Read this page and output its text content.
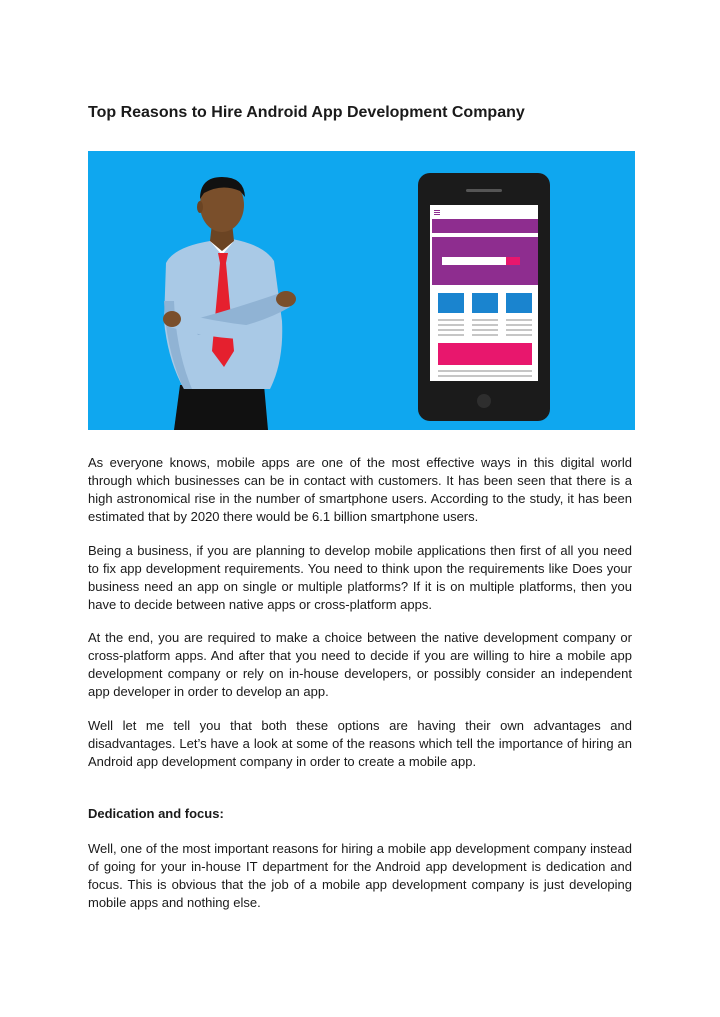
Top Reasons to Hire Android App Development Company

As everyone knows, mobile apps are one of the most effective ways in this digital world through which businesses can be in contact with customers. It has been seen that there is a high astronomical rise in the number of smartphone users. According to the study, it has been estimated that by 2020 there would be 6.1 billion smartphone users.

Being a business, if you are planning to develop mobile applications then first of all you need to fix app development requirements. You need to think upon the requirements like Does your business need an app on single or multiple platforms? If it is on multiple platforms, then you have to decide between native apps or cross-platform apps.

At the end, you are required to make a choice between the native development company or cross-platform apps. And after that you need to decide if you are willing to hire a mobile app development company or rely on in-house developers, or possibly consider an independent app developer in order to develop an app.

Well let me tell you that both these options are having their own advantages and disadvantages. Let’s have a look at some of the reasons which tell the importance of hiring an Android app development company in order to create a mobile app.

Dedication and focus:

Well, one of the most important reasons for hiring a mobile app development company instead of going for your in-house IT department for the Android app development is dedication and focus. This is obvious that the job of a mobile app development company is just developing mobile apps and nothing else.
